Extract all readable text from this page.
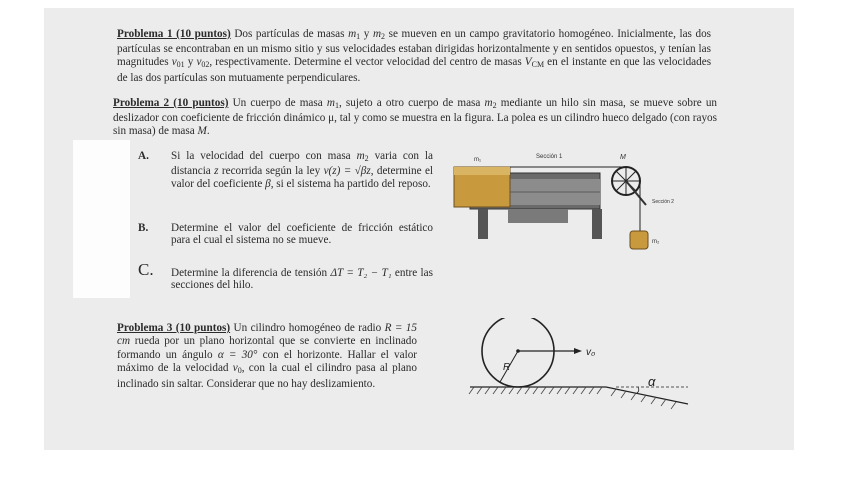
Problema 1 (10 puntos) Dos partículas de masas $m_1$ y $m_2$ se mueven en un campo gravitatorio homogéneo. Inicialmente, las dos partículas se encontraban en un mismo sitio y sus velocidades estaban dirigidas horizontalmente y en sentidos opuestos, y tenían las magnitudes $v_{01}$ y $v_{02}$, respectivamente. Determine el vector velocidad del centro de masas $V_{CM}$ en el instante en que las velocidades de las dos partículas son mutuamente perpendiculares.

Problema 2 (10 puntos) Un cuerpo de masa $m_1$, sujeto a otro cuerpo de masa $m_2$ mediante un hilo sin masa, se mueve sobre un deslizador con coeficiente de fricción dinámico μ, tal y como se muestra en la figura. La polea es un cilindro hueco delgado (con rayos sin masa) de masa M.

A. Si la velocidad del cuerpo con masa $m_2$ varia con la distancia z recorrida según la ley v(z) = √βz, determine el valor del coeficiente β, si el sistema ha partido del reposo.
B. Determine el valor del coeficiente de fricción estático para el cual el sistema no se mueve.
C. Determine la diferencia de tensión ΔT = T₂ − T₁ entre las secciones del hilo.
m₁	Sección 1	M
Sección 2
m₂

Problema 3 (10 puntos) Un cilindro homogéneo de radio R = 15 cm rueda por un plano horizontal que se convierte en inclinado formando un ángulo α = 30° con el horizonte. Hallar el valor máximo de la velocidad $v_0$, con la cual el cilindro pasa al plano inclinado sin saltar. Considerar que no hay deslizamiento.

R
v₀
α
